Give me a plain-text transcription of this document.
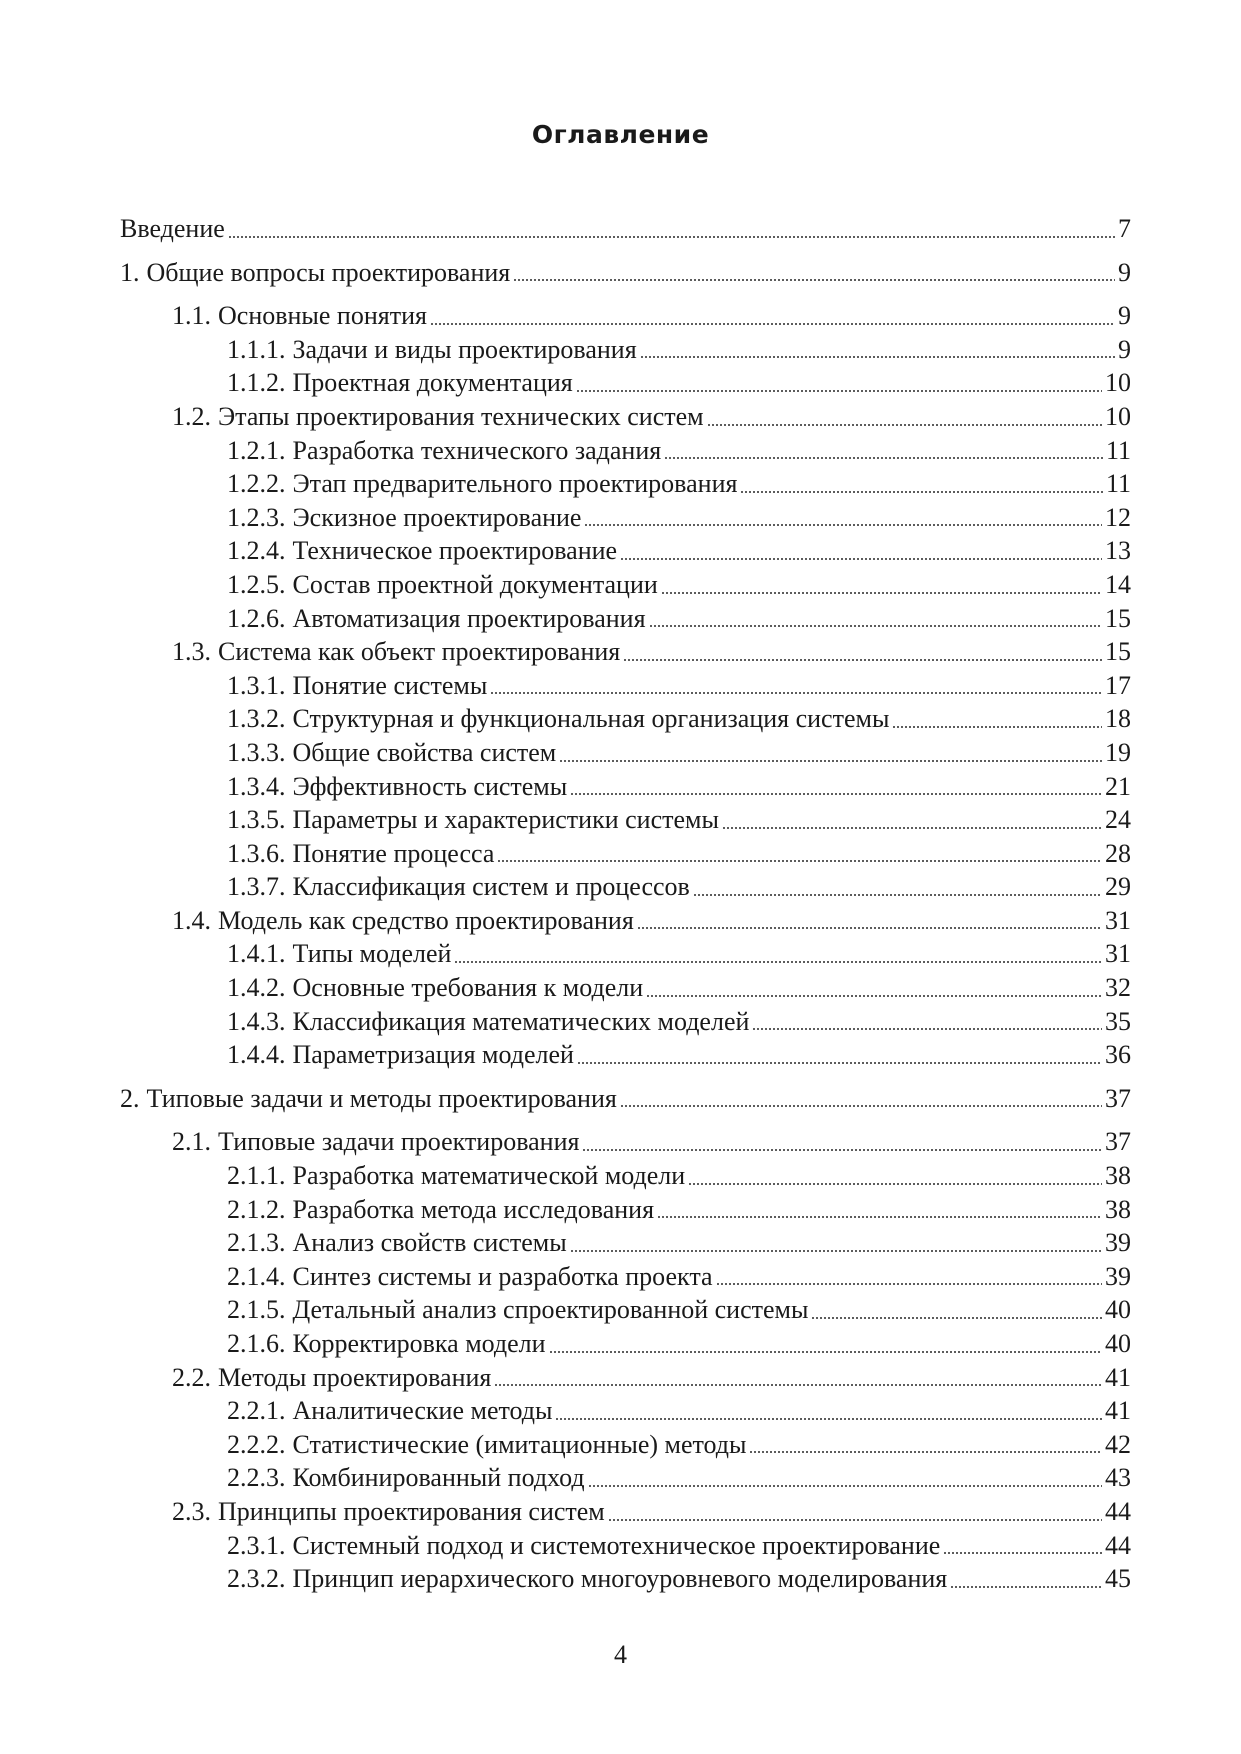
Оглавление
Введение	7
1. Общие вопросы проектирования	9
1.1. Основные понятия	9
1.1.1. Задачи и виды проектирования	9
1.1.2. Проектная документация	10
1.2. Этапы проектирования технических систем	10
1.2.1. Разработка технического задания	11
1.2.2. Этап предварительного проектирования	11
1.2.3. Эскизное проектирование	12
1.2.4. Техническое проектирование	13
1.2.5. Состав проектной документации	14
1.2.6. Автоматизация проектирования	15
1.3. Система как объект проектирования	15
1.3.1. Понятие системы	17
1.3.2. Структурная и функциональная организация системы	18
1.3.3. Общие свойства систем	19
1.3.4. Эффективность системы	21
1.3.5. Параметры и характеристики системы	24
1.3.6. Понятие процесса	28
1.3.7. Классификация систем и процессов	29
1.4. Модель как средство проектирования	31
1.4.1. Типы моделей	31
1.4.2. Основные требования к модели	32
1.4.3. Классификация математических моделей	35
1.4.4. Параметризация моделей	36
2. Типовые задачи и методы проектирования	37
2.1. Типовые задачи проектирования	37
2.1.1. Разработка математической модели	38
2.1.2. Разработка метода исследования	38
2.1.3. Анализ свойств системы	39
2.1.4. Синтез системы и разработка проекта	39
2.1.5. Детальный анализ спроектированной системы	40
2.1.6. Корректировка модели	40
2.2. Методы проектирования	41
2.2.1. Аналитические методы	41
2.2.2. Статистические (имитационные) методы	42
2.2.3. Комбинированный подход	43
2.3. Принципы проектирования систем	44
2.3.1. Системный подход и системотехническое проектирование	44
2.3.2. Принцип иерархического многоуровневого моделирования	45
4
